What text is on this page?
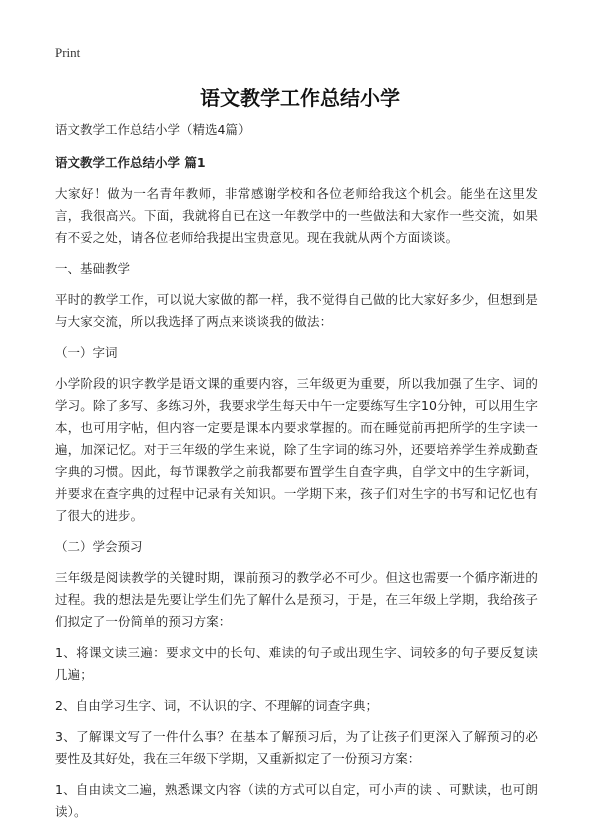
Print
语文教学工作总结小学

语文教学工作总结小学（精选4篇）

语文教学工作总结小学 篇1

大家好！做为一名青年教师，非常感谢学校和各位老师给我这个机会。能坐在这里发言，我很高兴。下面，我就将自已在这一年教学中的一些做法和大家作一些交流，如果有不妥之处，请各位老师给我提出宝贵意见。现在我就从两个方面谈谈。

一、基础教学

平时的教学工作，可以说大家做的都一样，我不觉得自己做的比大家好多少，但想到是与大家交流，所以我选择了两点来谈谈我的做法：

（一）字词

小学阶段的识字教学是语文课的重要内容，三年级更为重要，所以我加强了生字、词的学习。除了多写、多练习外，我要求学生每天中午一定要练写生字10分钟，可以用生字本，也可用字帖，但内容一定要是课本内要求掌握的。而在睡觉前再把所学的生字读一遍，加深记忆。对于三年级的学生来说，除了生字词的练习外，还要培养学生养成勤查字典的习惯。因此，每节课教学之前我都要布置学生自查字典，自学文中的生字新词，并要求在查字典的过程中记录有关知识。一学期下来，孩子们对生字的书写和记忆也有了很大的进步。

（二）学会预习

三年级是阅读教学的关键时期，课前预习的教学必不可少。但这也需要一个循序渐进的过程。我的想法是先要让学生们先了解什么是预习，于是，在三年级上学期，我给孩子们拟定了一份简单的预习方案：

1、将课文读三遍：要求文中的长句、难读的句子或出现生字、词较多的句子要反复读几遍；

2、自由学习生字、词，不认识的字、不理解的词查字典；

3、了解课文写了一件什么事？在基本了解预习后，为了让孩子们更深入了解预习的必要性及其好处，我在三年级下学期，又重新拟定了一份预习方案：

1、自由读文二遍，熟悉课文内容（读的方式可以自定，可小声的读 、可默读，也可朗读）。
